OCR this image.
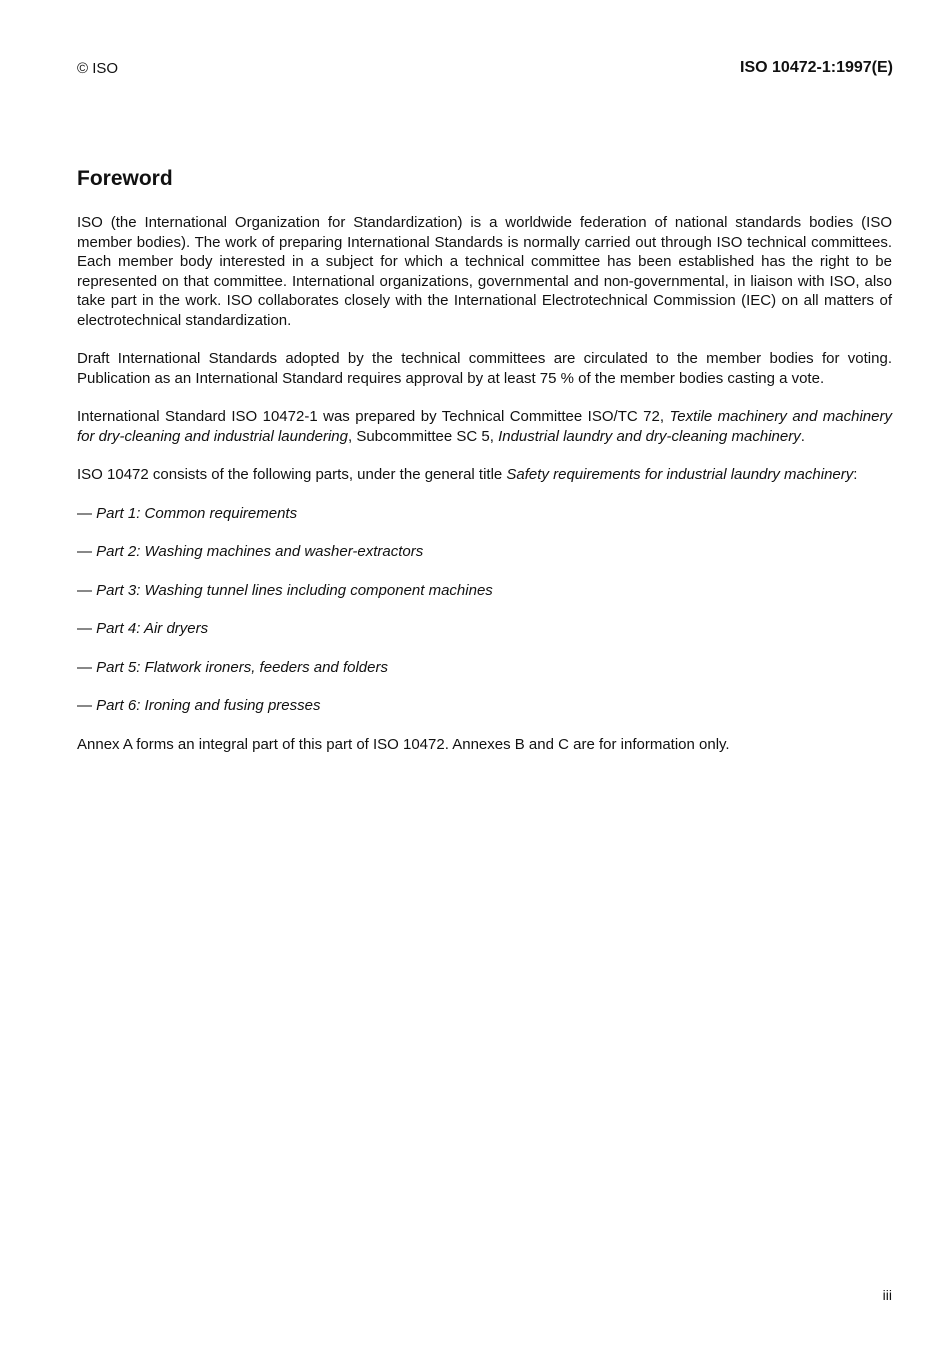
© ISO	ISO 10472-1:1997(E)
Foreword

ISO (the International Organization for Standardization) is a worldwide federation of national standards bodies (ISO member bodies). The work of preparing International Standards is normally carried out through ISO technical committees. Each member body interested in a subject for which a technical committee has been established has the right to be represented on that committee. International organizations, governmental and non-governmental, in liaison with ISO, also take part in the work. ISO collaborates closely with the International Electrotechnical Commission (IEC) on all matters of electrotechnical standardization.

Draft International Standards adopted by the technical committees are circulated to the member bodies for voting. Publication as an International Standard requires approval by at least 75 % of the member bodies casting a vote.

International Standard ISO 10472-1 was prepared by Technical Committee ISO/TC 72, Textile machinery and machinery for dry-cleaning and industrial laundering, Subcommittee SC 5, Industrial laundry and dry-cleaning machinery.

ISO 10472 consists of the following parts, under the general title Safety requirements for industrial laundry machinery:

— Part 1: Common requirements
— Part 2: Washing machines and washer-extractors
— Part 3: Washing tunnel lines including component machines
— Part 4: Air dryers
— Part 5: Flatwork ironers, feeders and folders
— Part 6: Ironing and fusing presses

Annex A forms an integral part of this part of ISO 10472. Annexes B and C are for information only.

iii
